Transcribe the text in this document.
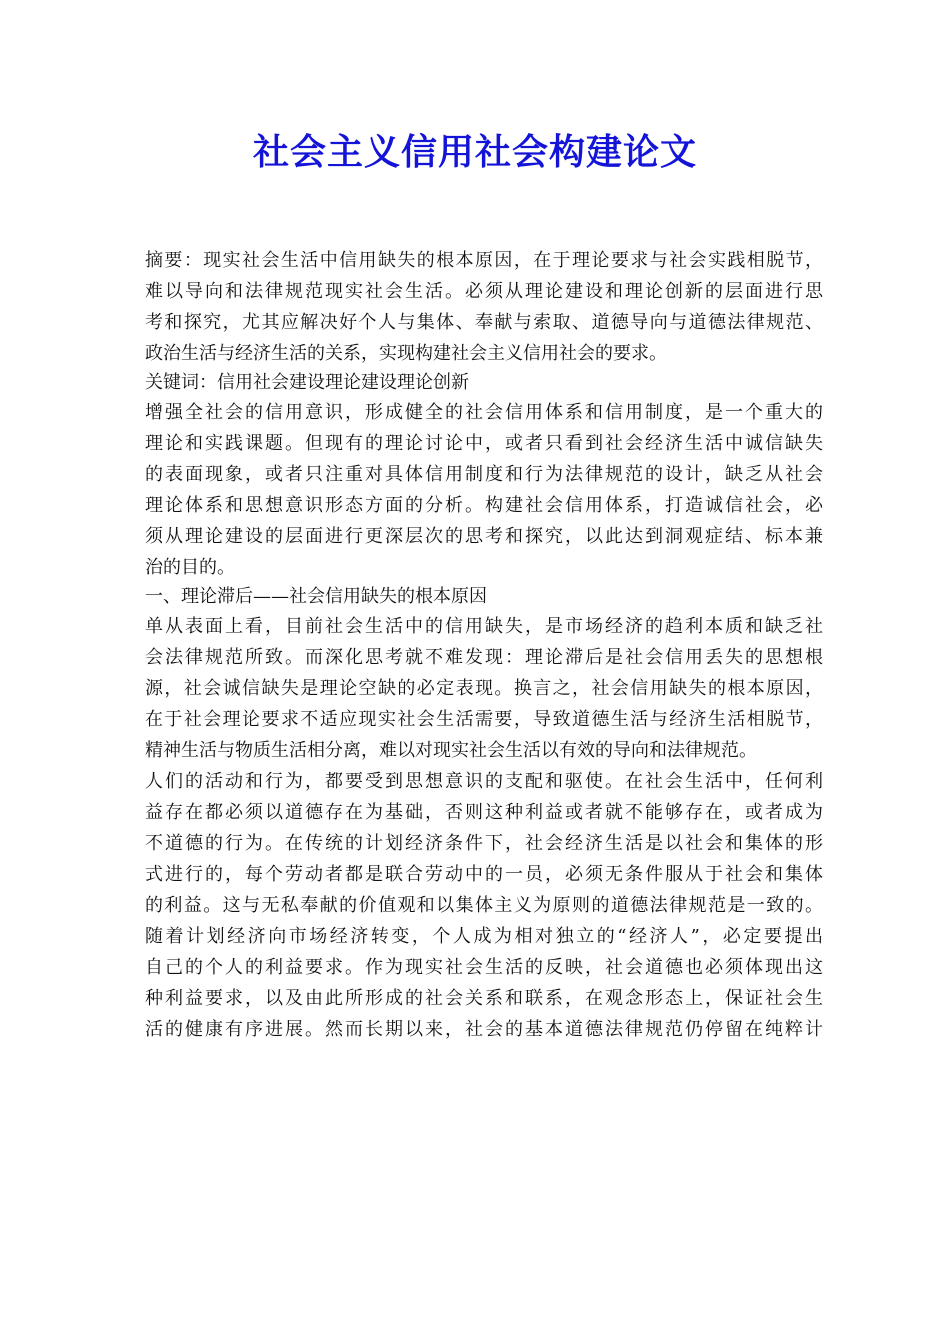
社会主义信用社会构建论文
摘要：现实社会生活中信用缺失的根本原因，在于理论要求与社会实践相脱节，
难以导向和法律规范现实社会生活。必须从理论建设和理论创新的层面进行思
考和探究，尤其应解决好个人与集体、奉献与索取、道德导向与道德法律规范、
政治生活与经济生活的关系，实现构建社会主义信用社会的要求。
关键词：信用社会建设理论建设理论创新
增强全社会的信用意识，形成健全的社会信用体系和信用制度，是一个重大的
理论和实践课题。但现有的理论讨论中，或者只看到社会经济生活中诚信缺失
的表面现象，或者只注重对具体信用制度和行为法律规范的设计，缺乏从社会
理论体系和思想意识形态方面的分析。构建社会信用体系，打造诚信社会，必
须从理论建设的层面进行更深层次的思考和探究，以此达到洞观症结、标本兼
治的目的。
一、理论滞后——社会信用缺失的根本原因
单从表面上看，目前社会生活中的信用缺失，是市场经济的趋利本质和缺乏社
会法律规范所致。而深化思考就不难发现：理论滞后是社会信用丢失的思想根
源，社会诚信缺失是理论空缺的必定表现。换言之，社会信用缺失的根本原因，
在于社会理论要求不适应现实社会生活需要，导致道德生活与经济生活相脱节，
精神生活与物质生活相分离，难以对现实社会生活以有效的导向和法律规范。
人们的活动和行为，都要受到思想意识的支配和驱使。在社会生活中，任何利
益存在都必须以道德存在为基础，否则这种利益或者就不能够存在，或者成为
不道德的行为。在传统的计划经济条件下，社会经济生活是以社会和集体的形
式进行的，每个劳动者都是联合劳动中的一员，必须无条件服从于社会和集体
的利益。这与无私奉献的价值观和以集体主义为原则的道德法律规范是一致的。
随着计划经济向市场经济转变，个人成为相对独立的“经济人”，必定要提出
自己的个人的利益要求。作为现实社会生活的反映，社会道德也必须体现出这
种利益要求，以及由此所形成的社会关系和联系，在观念形态上，保证社会生
活的健康有序进展。然而长期以来，社会的基本道德法律规范仍停留在纯粹计
